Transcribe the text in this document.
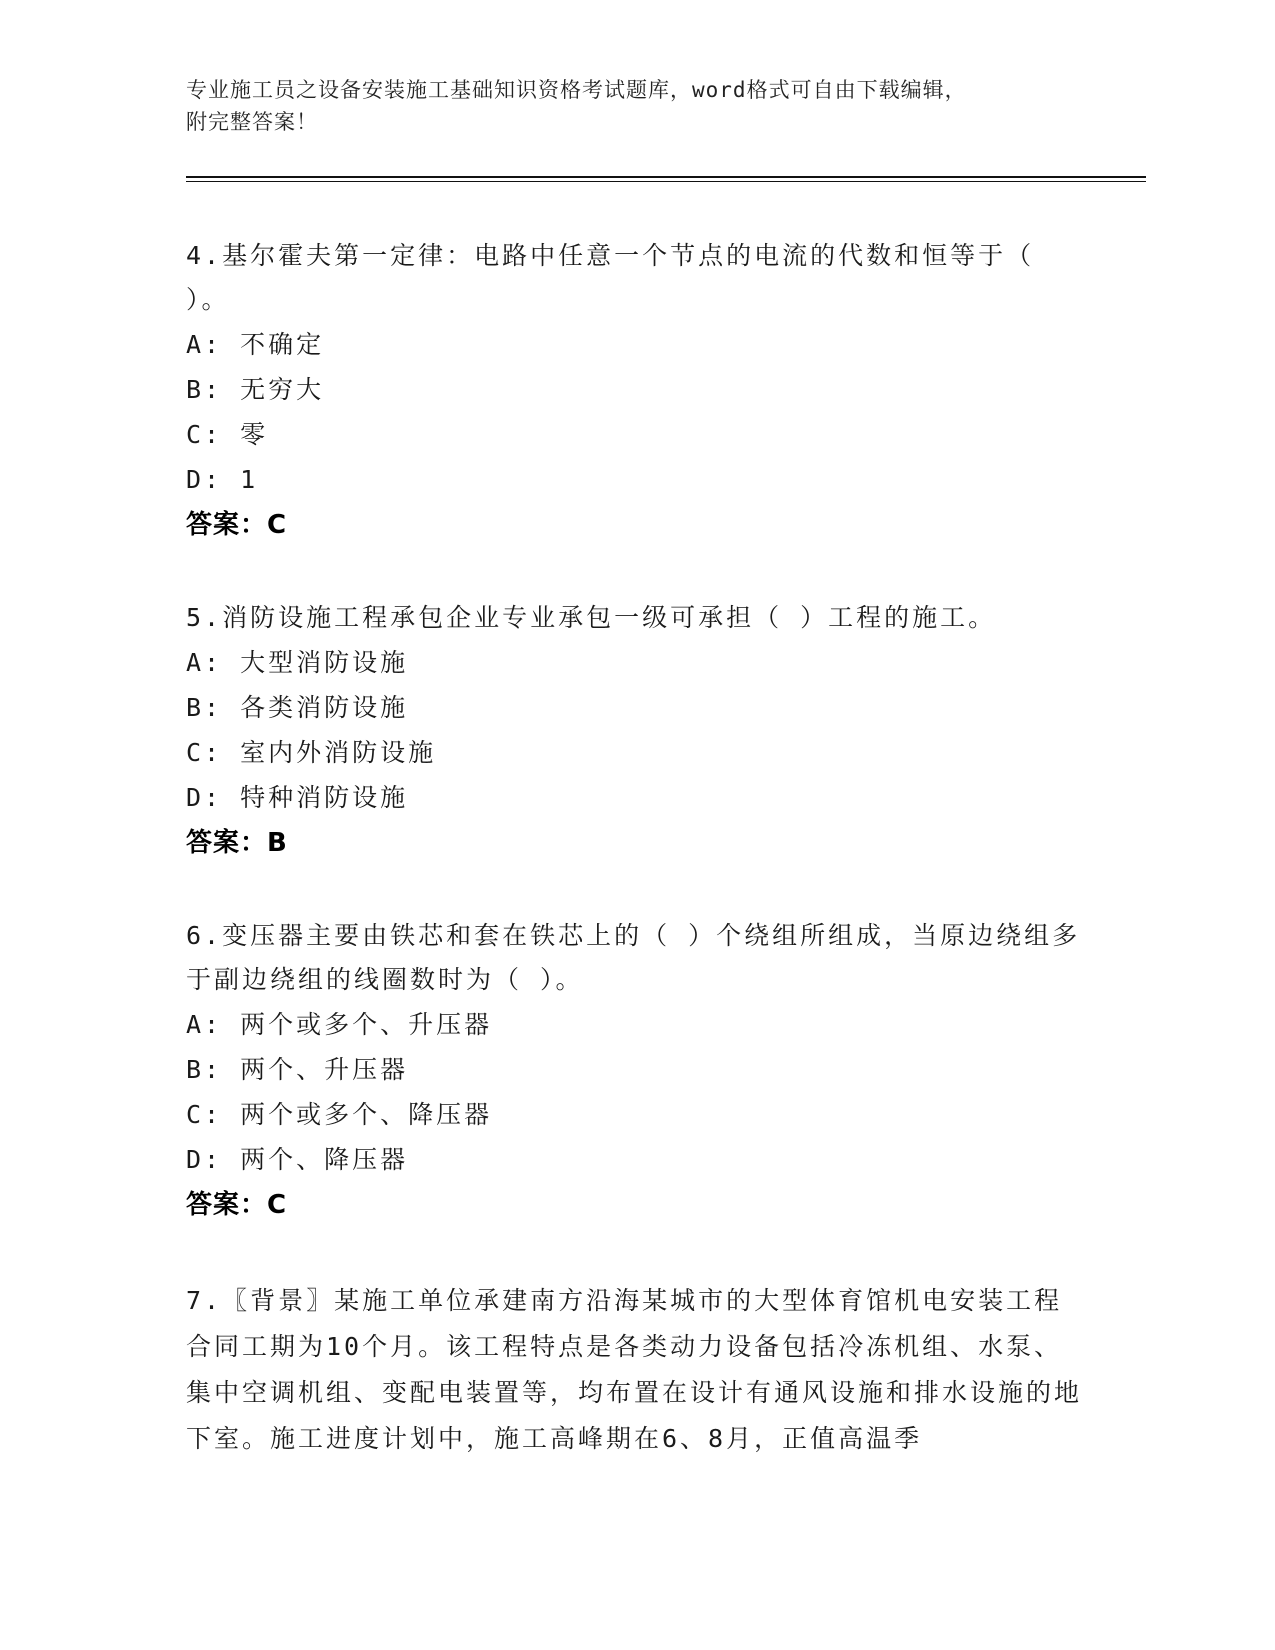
专业施工员之设备安装施工基础知识资格考试题库，word格式可自由下载编辑，
附完整答案！

4.基尔霍夫第一定律：电路中任意一个节点的电流的代数和恒等于（ ）。

A: 不确定

B: 无穷大

C: 零

D: 1

答案：C

5.消防设施工程承包企业专业承包一级可承担（ ）工程的施工。

A: 大型消防设施

B: 各类消防设施

C: 室内外消防设施

D: 特种消防设施

答案：B

6.变压器主要由铁芯和套在铁芯上的（ ）个绕组所组成，当原边绕组多于副边绕组的线圈数时为（ ）。

A: 两个或多个、升压器

B: 两个、升压器

C: 两个或多个、降压器

D: 两个、降压器

答案：C

7.〖背景〗某施工单位承建南方沿海某城市的大型体育馆机电安装工程合同工期为10个月。该工程特点是各类动力设备包括冷冻机组、水泵、集中空调机组、变配电装置等，均布置在设计有通风设施和排水设施的地下室。施工进度计划中，施工高峰期在6、8月，正值高温季
